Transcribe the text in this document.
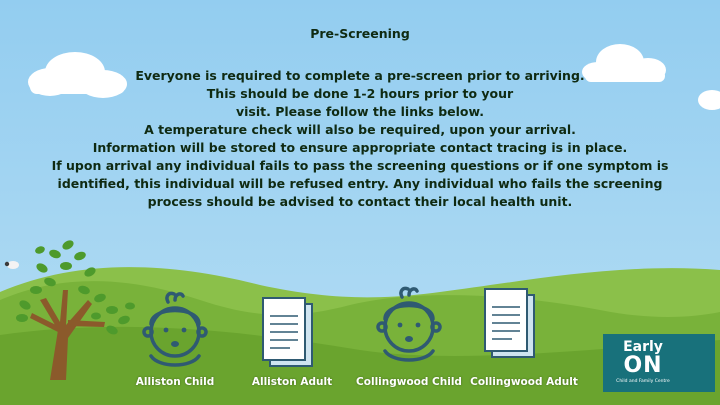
Pre-Screening
Everyone is required to complete a pre-screen prior to arriving.
This should be done 1-2 hours prior to your
visit. Please follow the links below.
A temperature check will also be required, upon your arrival.
Information will be stored to ensure appropriate contact tracing is in place.
If upon arrival any individual fails to pass the screening questions or if one symptom is
identified, this individual will be refused entry. Any individual who fails the screening
process should be advised to contact their local health unit.
Alliston Child	Alliston Adult	Collingwood Child Collingwood Adult
Early
ON
Child and Family Centre
